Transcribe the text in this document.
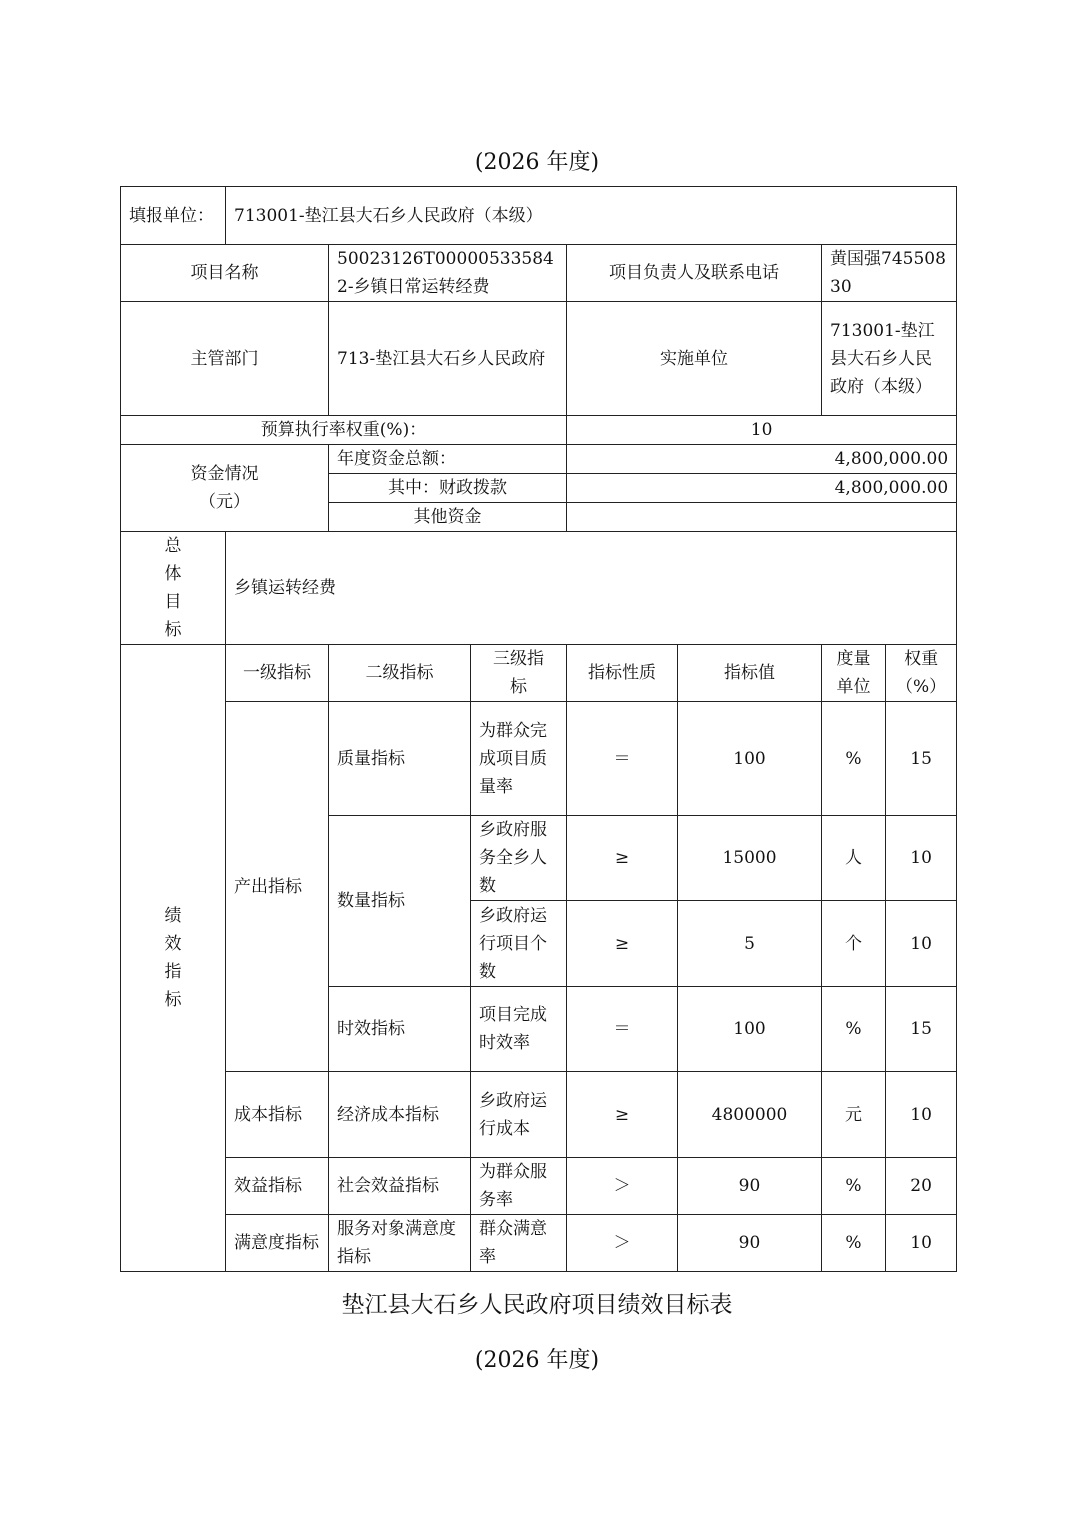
(2026 年度)
填报单位：	713001-垫江县大石乡人民政府（本级）						
项目名称		50023126T000005335842-乡镇日常运转经费		项目负责人及联系电话		黄国强74550830	
主管部门		713-垫江县大石乡人民政府		实施单位		713001-垫江县大石乡人民政府（本级）	
预算执行率权重(%)：				10			
资金情况（元）		年度资金总额：		4,800,000.00			
		其中：财政拨款		4,800,000.00			
		其他资金					
总体目标	乡镇运转经费						
绩效指标	一级指标	二级指标	三级指标	指标性质	指标值	度量单位	权重（%）
	产出指标	质量指标	为群众完成项目质量率	＝	100	%	15
		数量指标	乡政府服务全乡人数	≥	15000	人	10
			乡政府运行项目个数	≥	5	个	10
		时效指标	项目完成时效率	＝	100	%	15
	成本指标	经济成本指标	乡政府运行成本	≥	4800000	元	10
	效益指标	社会效益指标	为群众服务率	＞	90	%	20
	满意度指标	服务对象满意度指标	群众满意率	＞	90	%	10
垫江县大石乡人民政府项目绩效目标表
(2026 年度)
